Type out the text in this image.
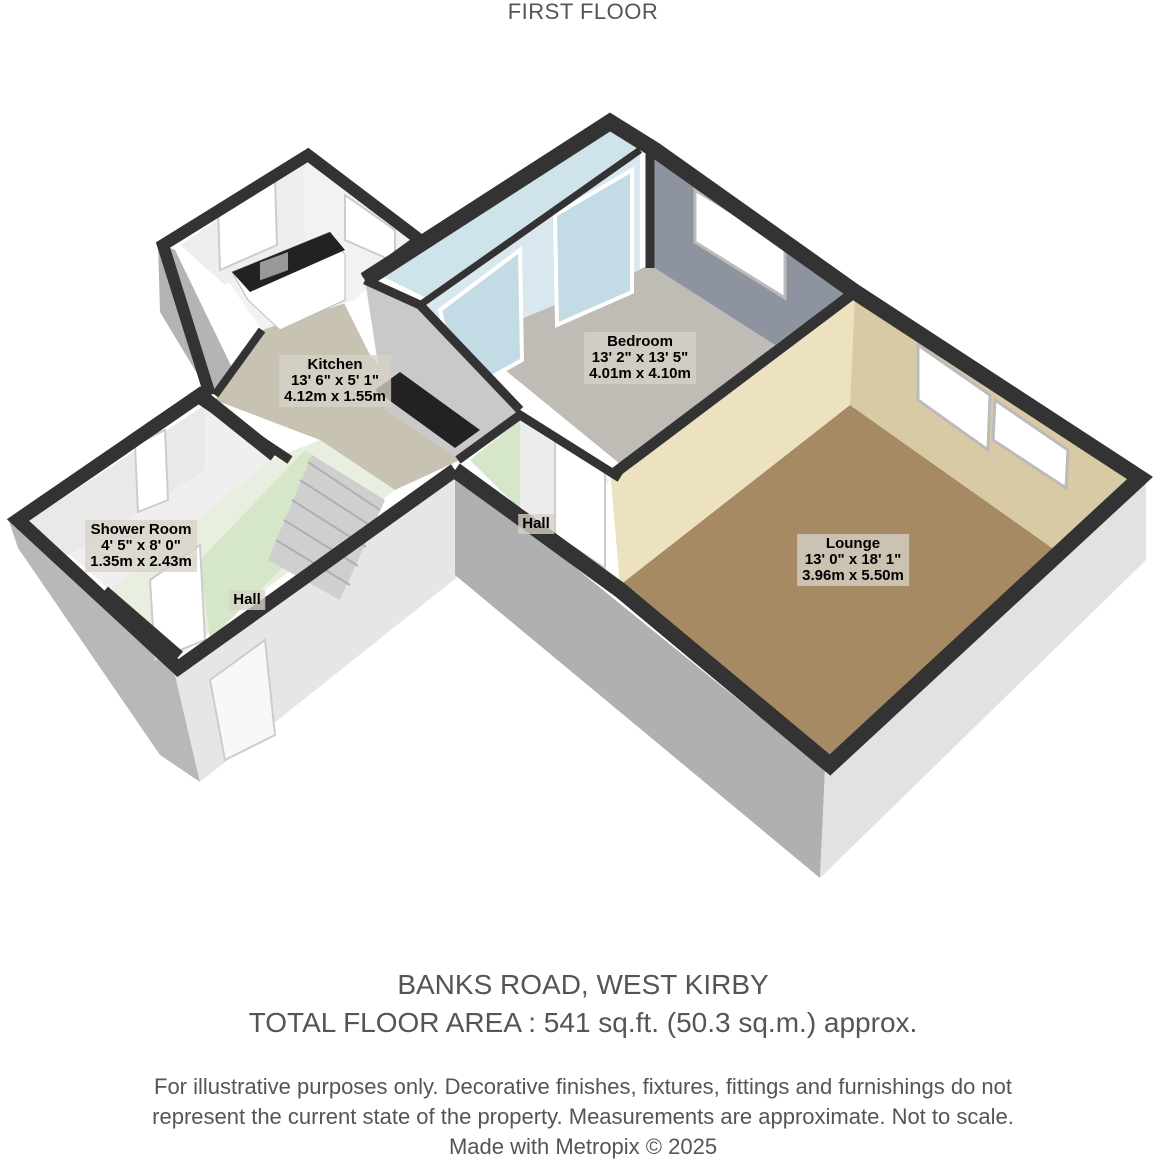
FIRST FLOOR
Kitchen
13' 6" x 5' 1"
4.12m x 1.55m
Bedroom
13' 2" x 13' 5"
4.01m x 4.10m
Shower Room
4' 5" x 8' 0"
1.35m x 2.43m
Lounge
13' 0" x 18' 1"
3.96m x 5.50m
Hall
Hall
BANKS ROAD, WEST KIRBY
TOTAL FLOOR AREA : 541 sq.ft. (50.3 sq.m.) approx.
For illustrative purposes only. Decorative finishes, fixtures, fittings and furnishings do not
represent the current state of the property. Measurements are approximate. Not to scale.
Made with Metropix © 2025
